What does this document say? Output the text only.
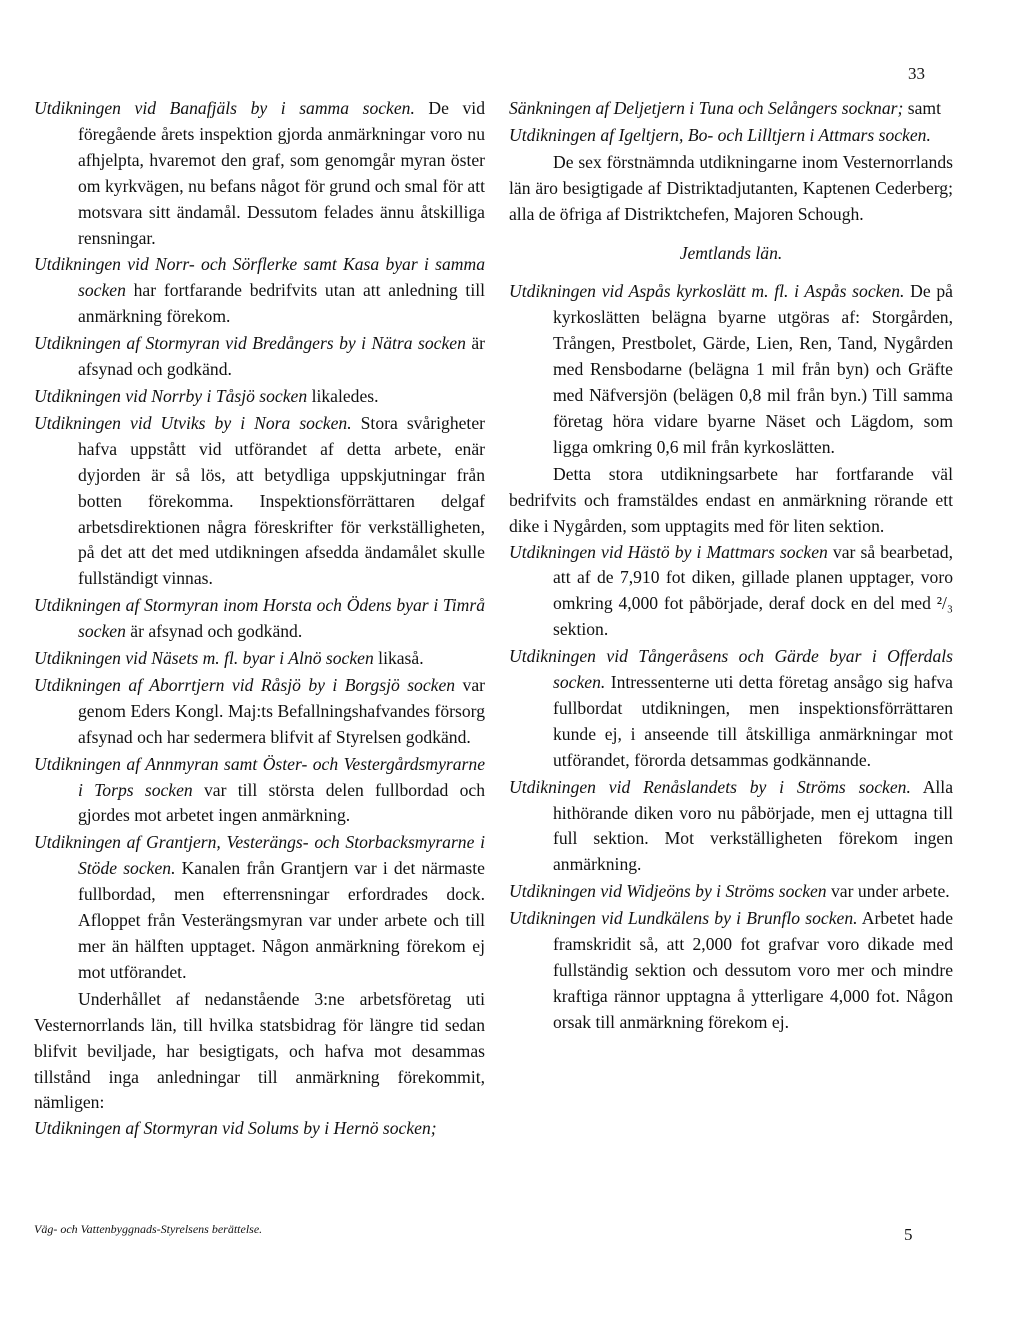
33

Utdikningen vid Banafjäls by i samma socken. De vid föregående årets inspektion gjorda anmärkningar voro nu afhjelpta, hvaremot den graf, som genomgår myran öster om kyrkvägen, nu befans något för grund och smal för att motsvara sitt ändamål. Dessutom felades ännu åtskilliga rensningar.

Utdikningen vid Norr- och Sörflerke samt Kasa byar i samma socken har fortfarande bedrifvits utan att anledning till anmärkning förekom.

Utdikningen af Stormyran vid Bredångers by i Nätra socken är afsynad och godkänd.

Utdikningen vid Norrby i Tåsjö socken likaledes.

Utdikningen vid Utviks by i Nora socken. Stora svårigheter hafva uppstått vid utförandet af detta arbete, enär dyjorden är så lös, att betydliga uppskjutningar från botten förekomma. Inspektionsförrättaren delgaf arbetsdirektionen några föreskrifter för verkställigheten, på det att det med utdikningen afsedda ändamålet skulle fullständigt vinnas.

Utdikningen af Stormyran inom Horsta och Ödens byar i Timrå socken är afsynad och godkänd.

Utdikningen vid Näsets m. fl. byar i Alnö socken likaså.

Utdikningen af Aborrtjern vid Råsjö by i Borgsjö socken var genom Eders Kongl. Maj:ts Befallningshafvandes försorg afsynad och har sedermera blifvit af Styrelsen godkänd.

Utdikningen af Annmyran samt Öster- och Vestergårdsmyrarne i Torps socken var till största delen fullbordad och gjordes mot arbetet ingen anmärkning.

Utdikningen af Grantjern, Vesterängs- och Storbacksmyrarne i Stöde socken. Kanalen från Grantjern var i det närmaste fullbordad, men efterrensningar erfordrades dock. Afloppet från Vesterängsmyran var under arbete och till mer än hälften upptaget. Någon anmärkning förekom ej mot utförandet.

Underhållet af nedanstående 3:ne arbetsföretag uti Vesternorrlands län, till hvilka statsbidrag för längre tid sedan blifvit beviljade, har besigtigats, och hafva mot desammas tillstånd inga anledningar till anmärkning förekommit, nämligen:

Utdikningen af Stormyran vid Solums by i Hernö socken;

Sänkningen af Deljetjern i Tuna och Selångers socknar; samt

Utdikningen af Igeltjern, Bo- och Lilltjern i Attmars socken.

De sex förstnämnda utdikningarne inom Vesternorrlands län äro besigtigade af Distriktadjutanten, Kaptenen Cederberg; alla de öfriga af Distriktchefen, Majoren Schough.

Jemtlands län.

Utdikningen vid Aspås kyrkoslätt m. fl. i Aspås socken. De på kyrkoslätten belägna byarne utgöras af: Storgården, Trången, Prestbolet, Gärde, Lien, Ren, Tand, Nygården med Rensbodarne (belägna 1 mil från byn) och Gräfte med Näfversjön (belägen 0,8 mil från byn.) Till samma företag höra vidare byarne Näset och Lägdom, som ligga omkring 0,6 mil från kyrkoslätten.

Detta stora utdikningsarbete har fortfarande väl bedrifvits och framstäldes endast en anmärkning rörande ett dike i Nygården, som upptagits med för liten sektion.

Utdikningen vid Hästö by i Mattmars socken var så bearbetad, att af de 7,910 fot diken, gillade planen upptager, voro omkring 4,000 fot påbörjade, deraf dock en del med ²/₃ sektion.

Utdikningen vid Tångeråsens och Gärde byar i Offerdals socken. Intressenterne uti detta företag ansågo sig hafva fullbordat utdikningen, men inspektionsförrättaren kunde ej, i anseende till åtskilliga anmärkningar mot utförandet, förorda detsammas godkännande.

Utdikningen vid Renåslandets by i Ströms socken. Alla hithörande diken voro nu påbörjade, men ej uttagna till full sektion. Mot verkställigheten förekom ingen anmärkning.

Utdikningen vid Widjeöns by i Ströms socken var under arbete.

Utdikningen vid Lundkälens by i Brunflo socken. Arbetet hade framskridit så, att 2,000 fot grafvar voro dikade med fullständig sektion och dessutom voro mer och mindre kraftiga rännor upptagna å ytterligare 4,000 fot. Någon orsak till anmärkning förekom ej.

Väg- och Vattenbyggnads-Styrelsens berättelse.	5
